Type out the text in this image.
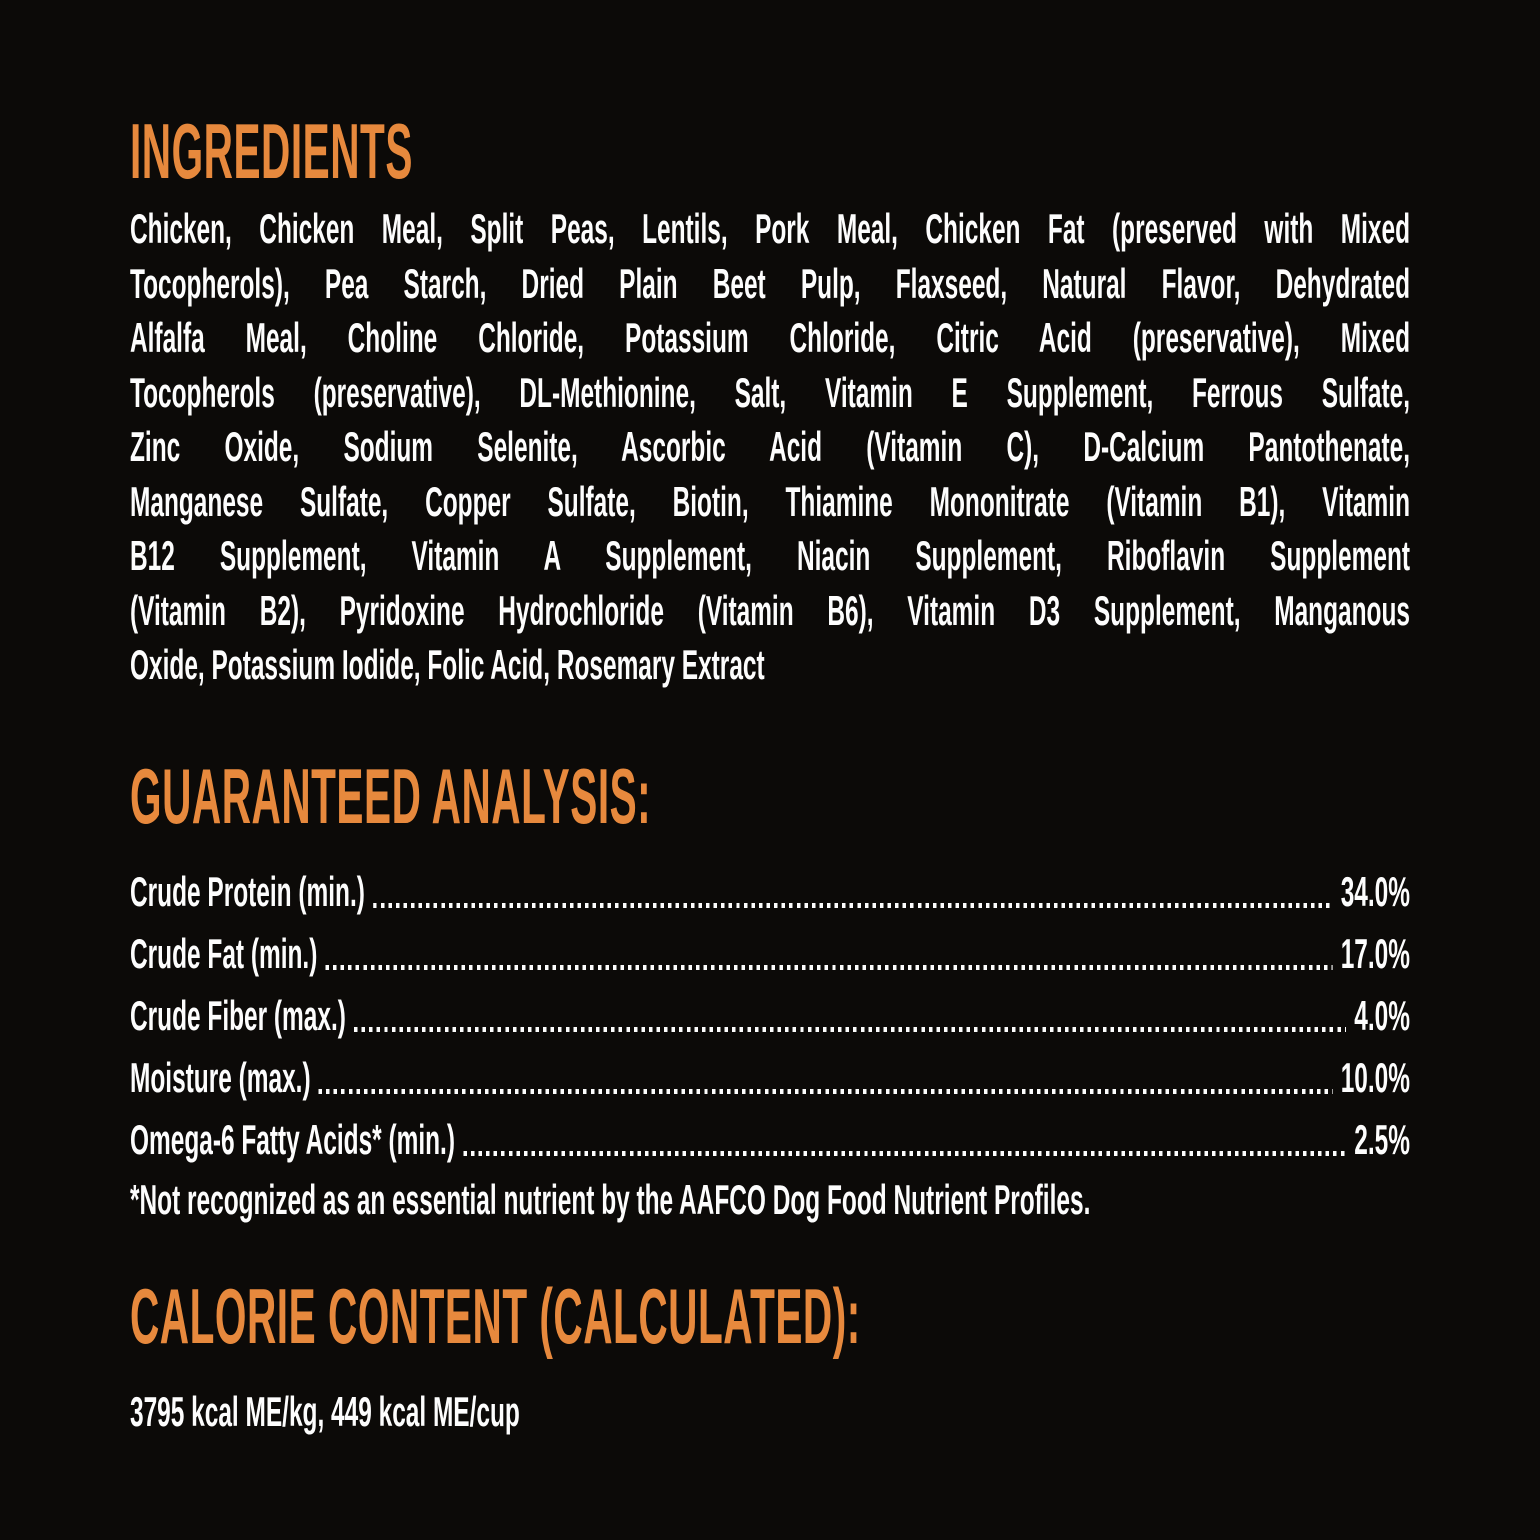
INGREDIENTS
Chicken, Chicken Meal, Split Peas, Lentils, Pork Meal, Chicken Fat (preserved with Mixed
Tocopherols), Pea Starch, Dried Plain Beet Pulp, Flaxseed, Natural Flavor, Dehydrated
Alfalfa Meal, Choline Chloride, Potassium Chloride, Citric Acid (preservative), Mixed
Tocopherols (preservative), DL-Methionine, Salt, Vitamin E Supplement, Ferrous Sulfate,
Zinc Oxide, Sodium Selenite, Ascorbic Acid (Vitamin C), D-Calcium Pantothenate,
Manganese Sulfate, Copper Sulfate, Biotin, Thiamine Mononitrate (Vitamin B1), Vitamin
B12 Supplement, Vitamin A Supplement, Niacin Supplement, Riboflavin Supplement
(Vitamin B2), Pyridoxine Hydrochloride (Vitamin B6), Vitamin D3 Supplement, Manganous
Oxide, Potassium Iodide, Folic Acid, Rosemary Extract
GUARANTEED ANALYSIS:
Crude Protein (min.)	34.0%
Crude Fat (min.)	17.0%
Crude Fiber (max.)	4.0%
Moisture (max.)	10.0%
Omega-6 Fatty Acids* (min.)	2.5%
*Not recognized as an essential nutrient by the AAFCO Dog Food Nutrient Profiles.
CALORIE CONTENT (CALCULATED):
3795 kcal ME/kg, 449 kcal ME/cup
